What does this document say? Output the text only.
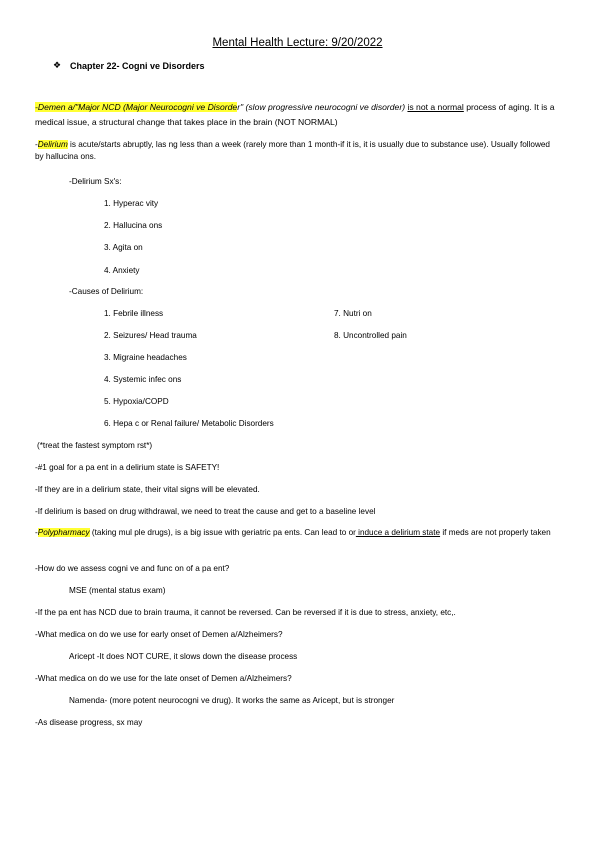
Mental Health Lecture: 9/20/2022
❖ Chapter 22- Cogni ve Disorders
-Demen a/"Major NCD (Major Neurocogni ve Disorder" (slow progressive neurocogni ve disorder) is not a normal process of aging. It is a medical issue, a structural change that takes place in the brain (NOT NORMAL)
-Delirium is acute/starts abruptly, las ng less than a week (rarely more than 1 month-if it is, it is usually due to substance use). Usually followed by hallucina ons.
-Delirium Sx's:
1. Hyperac vity
2. Hallucina ons
3. Agita on
4. Anxiety
-Causes of Delirium:
1. Febrile illness
2. Seizures/ Head trauma
3. Migraine headaches
4. Systemic infec ons
5. Hypoxia/COPD
6. Hepa c or Renal failure/ Metabolic Disorders
7. Nutri on
8. Uncontrolled pain
(*treat the fastest symptom rst*)
-#1 goal for a pa ent in a delirium state is SAFETY!
-If they are in a delirium state, their vital signs will be elevated.
-If delirium is based on drug withdrawal, we need to treat the cause and get to a baseline level
-Polypharmacy (taking mul ple drugs), is a big issue with geriatric pa ents. Can lead to or induce a delirium state if meds are not properly taken
-How do we assess cogni ve and func on of a pa ent?
MSE (mental status exam)
-If the pa ent has NCD due to brain trauma, it cannot be reversed. Can be reversed if it is due to stress, anxiety, etc,.
-What medica on do we use for early onset of Demen a/Alzheimers?
Aricept -It does NOT CURE, it slows down the disease process
-What medica on do we use for the late onset of Demen a/Alzheimers?
Namenda- (more potent neurocogni ve drug). It works the same as Aricept, but is stronger
-As disease progress, sx may
